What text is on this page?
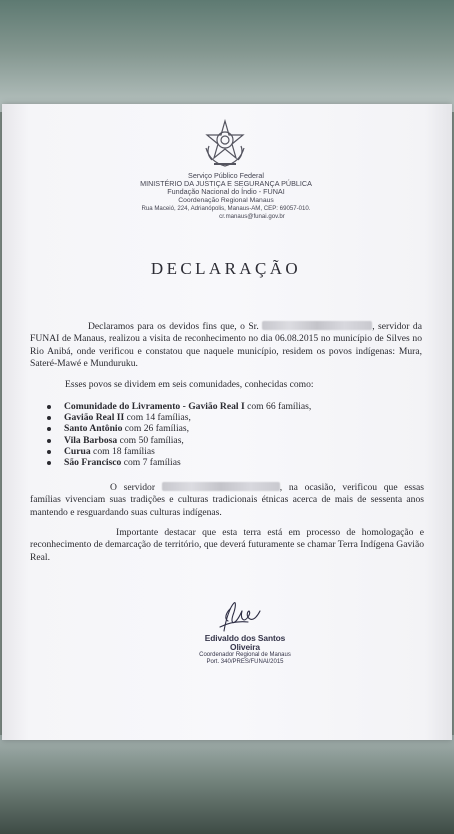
Serviço Público Federal
MINISTÉRIO DA JUSTIÇA E SEGURANÇA PÚBLICA
Fundação Nacional do Índio - FUNAI
Coordenação Regional Manaus
Rua Maceió, 224, Adrianópolis, Manaus-AM, CEP: 69057-010.
cr.manaus@funai.gov.br
DECLARAÇÃO
Declaramos para os devidos fins que, o Sr.	, servidor da FUNAI de Manaus, realizou a visita de reconhecimento no dia 06.08.2015 no município de Silves no Rio Anibá, onde verificou e constatou que naquele município, residem os povos indígenas: Mura, Sateré-Mawé e Munduruku.
Esses povos se dividem em seis comunidades, conhecidas como:
Comunidade do Livramento - Gavião Real I com 66 famílias,
Gavião Real II com 14 famílias,
Santo Antônio com 26 famílias,
Vila Barbosa com 50 famílias,
Curua com 18 famílias
São Francisco com 7 famílias
O servidor	, na ocasião, verificou que essas famílias vivenciam suas tradições e culturas tradicionais étnicas acerca de mais de sessenta anos mantendo e resguardando suas culturas indígenas.
Importante destacar que esta terra está em processo de homologação e reconhecimento de demarcação de território, que deverá futuramente se chamar Terra Indígena Gavião Real.
Edivaldo dos Santos Oliveira
Coordenador Regional de Manaus
Port. 340/PRES/FUNAI/2015
